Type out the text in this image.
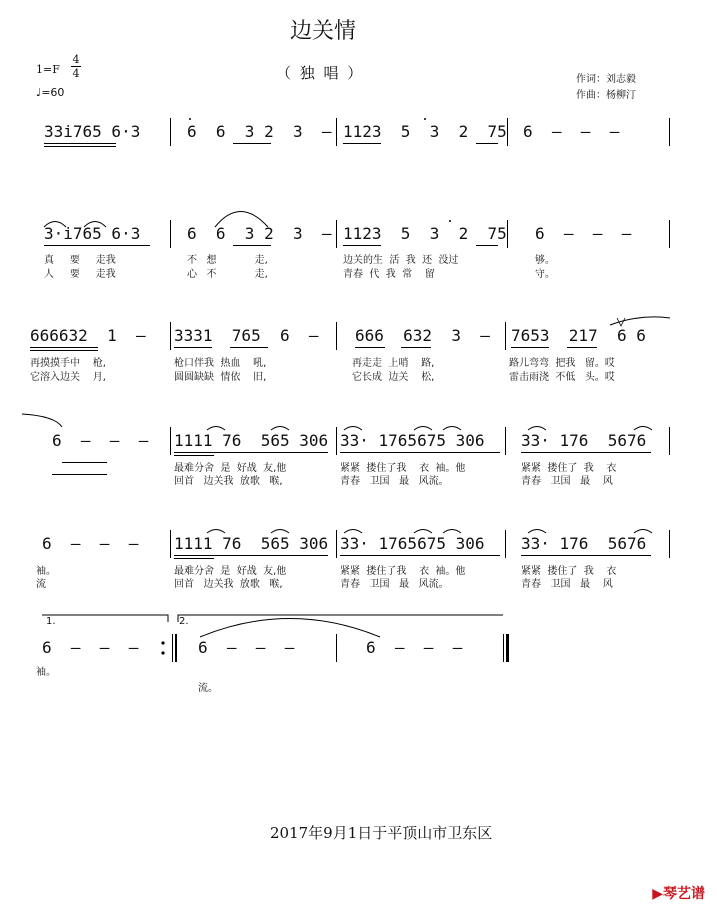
边关情
（ 独 唱 ）	作词：刘志毅
作曲：杨柳汀
1=F
4
4
♩=60
33i765 6·3	6  6  3 2  3  – 1123  5  3  2  75 6  –  –  –
3·i765 6·3	6  6  3 2  3  – 1123  5  3  2  75 6  –  –  –
真     要     走我	不   想            走,	边关的生  活  我  还  没过	够。
人     要     走我	心   不            走,	青春  代  我  常    留	守。
666632  1  – 3331  765  6  – 666  632  3  – 7653  217  6 6
再摸摸手中    枪,	枪口伴我  热血    吼,	再走走  上哨    路,	路儿弯弯  把我   留。哎
它溶入边关    月,	圆圆缺缺  情依    旧,	它长成  边关    松,	雷击雨浇  不低   头。哎
6  –  –  – 1111 76  565 306 33· 1765675 306 33· 176  5676
最难分舍  是  好战  友,他	紧紧  搂住了我    衣  袖。他	紧紧  搂住了  我    衣
回首   边关我  放歌   喉,	青春   卫国   最   风流。	青春   卫国   最    风
6  –  –  – 1111 76  565 306 33· 1765675 306 33· 176  5676
袖。	最难分舍  是  好战  友,他	紧紧  搂住了我    衣  袖。他	紧紧  搂住了  我    衣
流	回首   边关我  放歌   喉,	青春   卫国   最   风流。	青春   卫国   最    风
1.	2.
6  –  –  –	6  –  –  –	6  –  –  –
袖。
流。
2017年9月1日于平顶山市卫东区
▶琴艺谱
